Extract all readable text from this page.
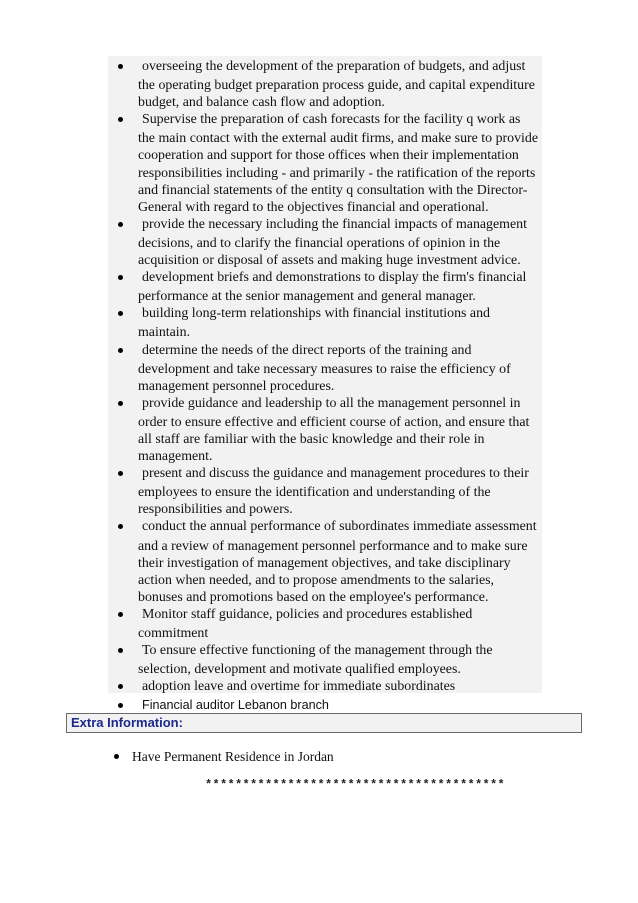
overseeing the development of the preparation of budgets, and adjust
the operating budget preparation process guide, and capital expenditure budget, and balance cash flow and adoption.
Supervise the preparation of cash forecasts for the facility q work as
the main contact with the external audit firms, and make sure to provide cooperation and support for those offices when their implementation responsibilities including - and primarily - the ratification of the reports and financial statements of the entity q consultation with the Director-General with regard to the objectives financial and operational.
provide the necessary including the financial impacts of management
decisions, and to clarify the financial operations of opinion in the acquisition or disposal of assets and making huge investment advice.
development briefs and demonstrations to display the firm's financial
performance at the senior management and general manager.
building long-term relationships with financial institutions and
maintain.
determine the needs of the direct reports of the training and
development and take necessary measures to raise the efficiency of management personnel procedures.
provide guidance and leadership to all the management personnel in
order to ensure effective and efficient course of action, and ensure that all staff are familiar with the basic knowledge and their role in management.
present and discuss the guidance and management procedures to their
employees to ensure the identification and understanding of the responsibilities and powers.
conduct the annual performance of subordinates immediate assessment
and a review of management personnel performance and to make sure their investigation of management objectives, and take disciplinary action when needed, and to propose amendments to the salaries, bonuses and promotions based on the employee's performance.
Monitor staff guidance, policies and procedures established
commitment
To ensure effective functioning of the management through the
selection, development and motivate qualified employees.
adoption leave and overtime for immediate subordinates
Financial auditor Lebanon branch
Extra Information:
Have Permanent Residence in Jordan
****************************************
